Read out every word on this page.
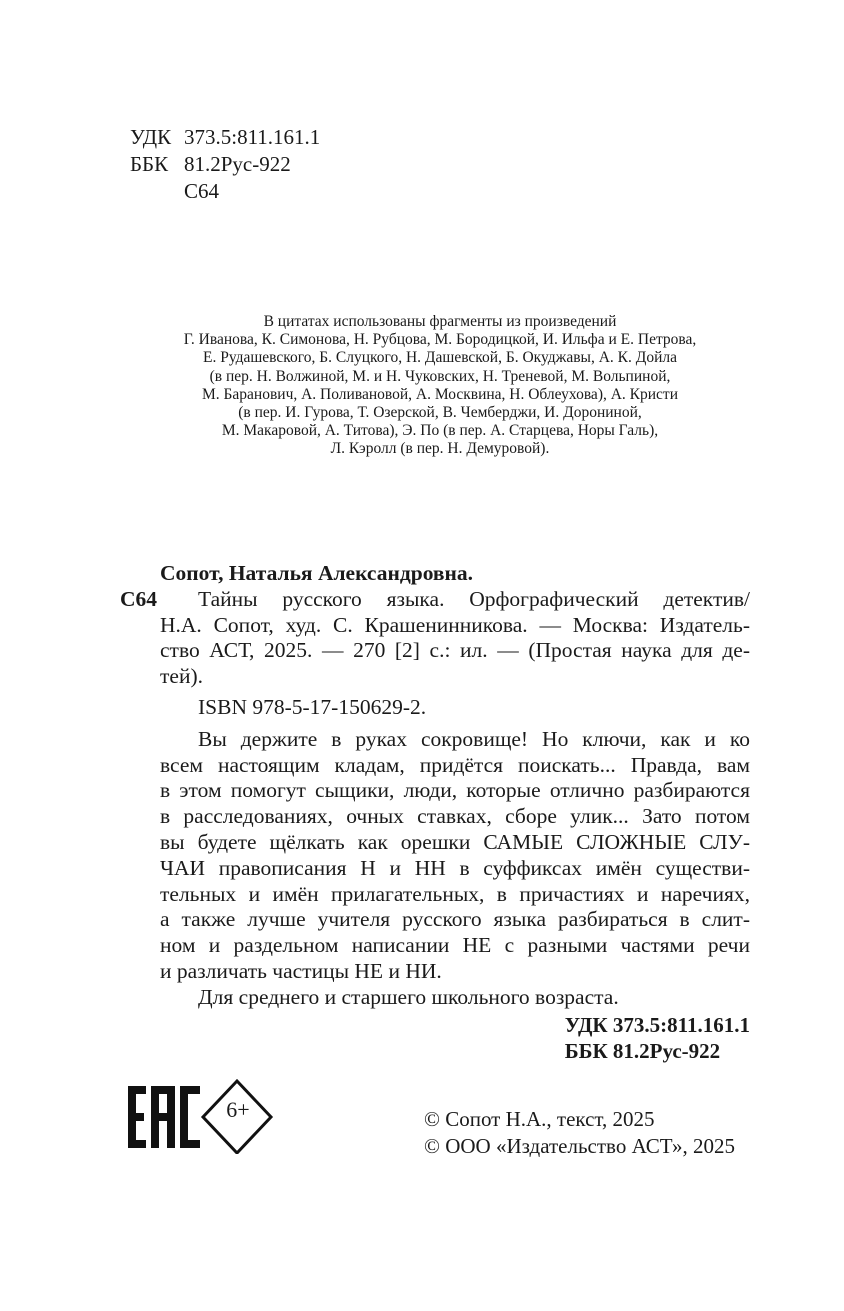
УДК 373.5:811.161.1
ББК 81.2Рус-922
С64
В цитатах использованы фрагменты из произведений
Г. Иванова, К. Симонова, Н. Рубцова, М. Бородицкой, И. Ильфа и Е. Петрова,
Е. Рудашевского, Б. Слуцкого, Н. Дашевской, Б. Окуджавы, А. К. Дойла
(в пер. Н. Волжиной, М. и Н. Чуковских, Н. Треневой, М. Вольпиной,
М. Баранович, А. Поливановой, А. Москвина, Н. Облеухова), А. Кристи
(в пер. И. Гурова, Т. Озерской, В. Чемберджи, И. Дорониной,
М. Макаровой, А. Титова), Э. По (в пер. А. Старцева, Норы Галь),
Л. Кэролл (в пер. Н. Демуровой).
Сопот, Наталья Александровна.
С64	Тайны русского языка. Орфографический детектив/
Н.А. Сопот, худ. С. Крашенинникова. — Москва: Издатель-
ство АСТ, 2025. — 270 [2] с.: ил. — (Простая наука для де-
тей).
ISBN 978-5-17-150629-2.
Вы держите в руках сокровище! Но ключи, как и ко
всем настоящим кладам, придётся поискать... Правда, вам
в этом помогут сыщики, люди, которые отлично разбираются
в расследованиях, очных ставках, сборе улик... Зато потом
вы будете щёлкать как орешки САМЫЕ СЛОЖНЫЕ СЛУ-
ЧАИ правописания Н и НН в суффиксах имён существи-
тельных и имён прилагательных, в причастиях и наречиях,
а также лучше учителя русского языка разбираться в слит-
ном и раздельном написании НЕ с разными частями речи
и различать частицы НЕ и НИ.
Для среднего и старшего школьного возраста.
УДК 373.5:811.161.1
ББК 81.2Рус-922
6+	© Сопот Н.А., текст, 2025
© ООО «Издательство АСТ», 2025
